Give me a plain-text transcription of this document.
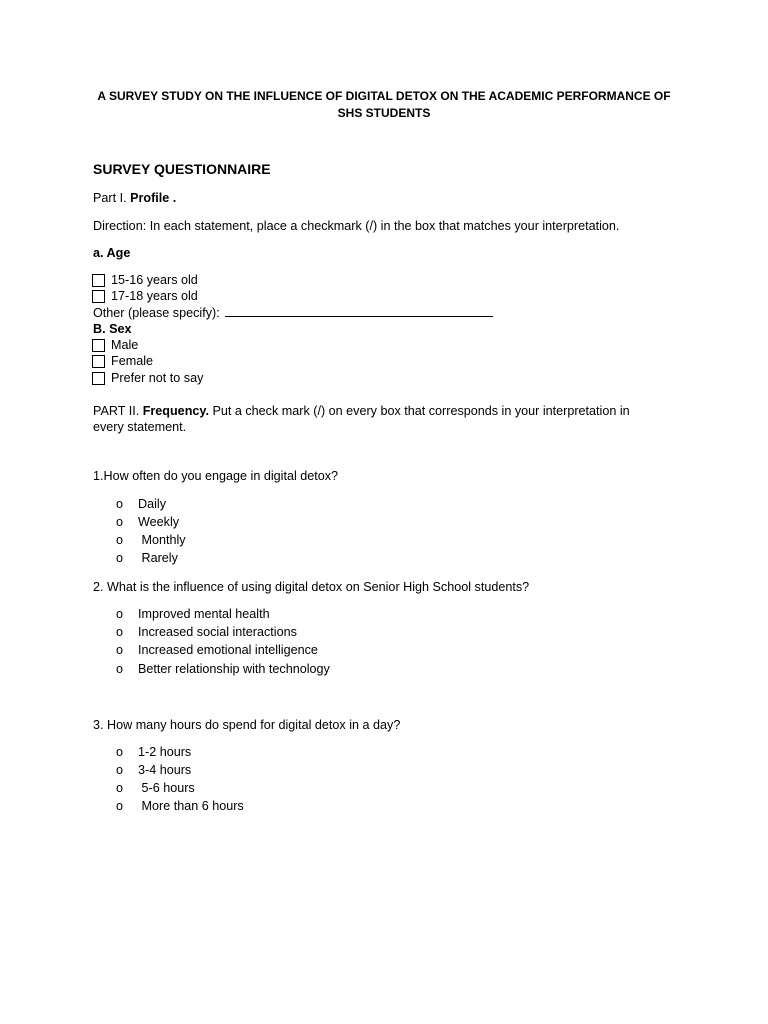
A SURVEY STUDY ON THE INFLUENCE OF DIGITAL DETOX ON THE ACADEMIC PERFORMANCE OF
SHS STUDENTS
SURVEY QUESTIONNAIRE
Part I. Profile .
Direction: In each statement, place a checkmark (/) in the box that matches your interpretation.
a. Age
15-16 years old
17-18 years old
Other (please specify):
B. Sex
Male
Female
Prefer not to say
PART II. Frequency. Put a check mark (/) on every box that corresponds in your interpretation in
every statement.
1.How often do you engage in digital detox?
o Daily
o Weekly
o Monthly
o Rarely
2. What is the influence of using digital detox on Senior High School students?
o Improved mental health
o Increased social interactions
o Increased emotional intelligence
o Better relationship with technology
3. How many hours do spend for digital detox in a day?
o 1-2 hours
o 3-4 hours
o 5-6 hours
o More than 6 hours
